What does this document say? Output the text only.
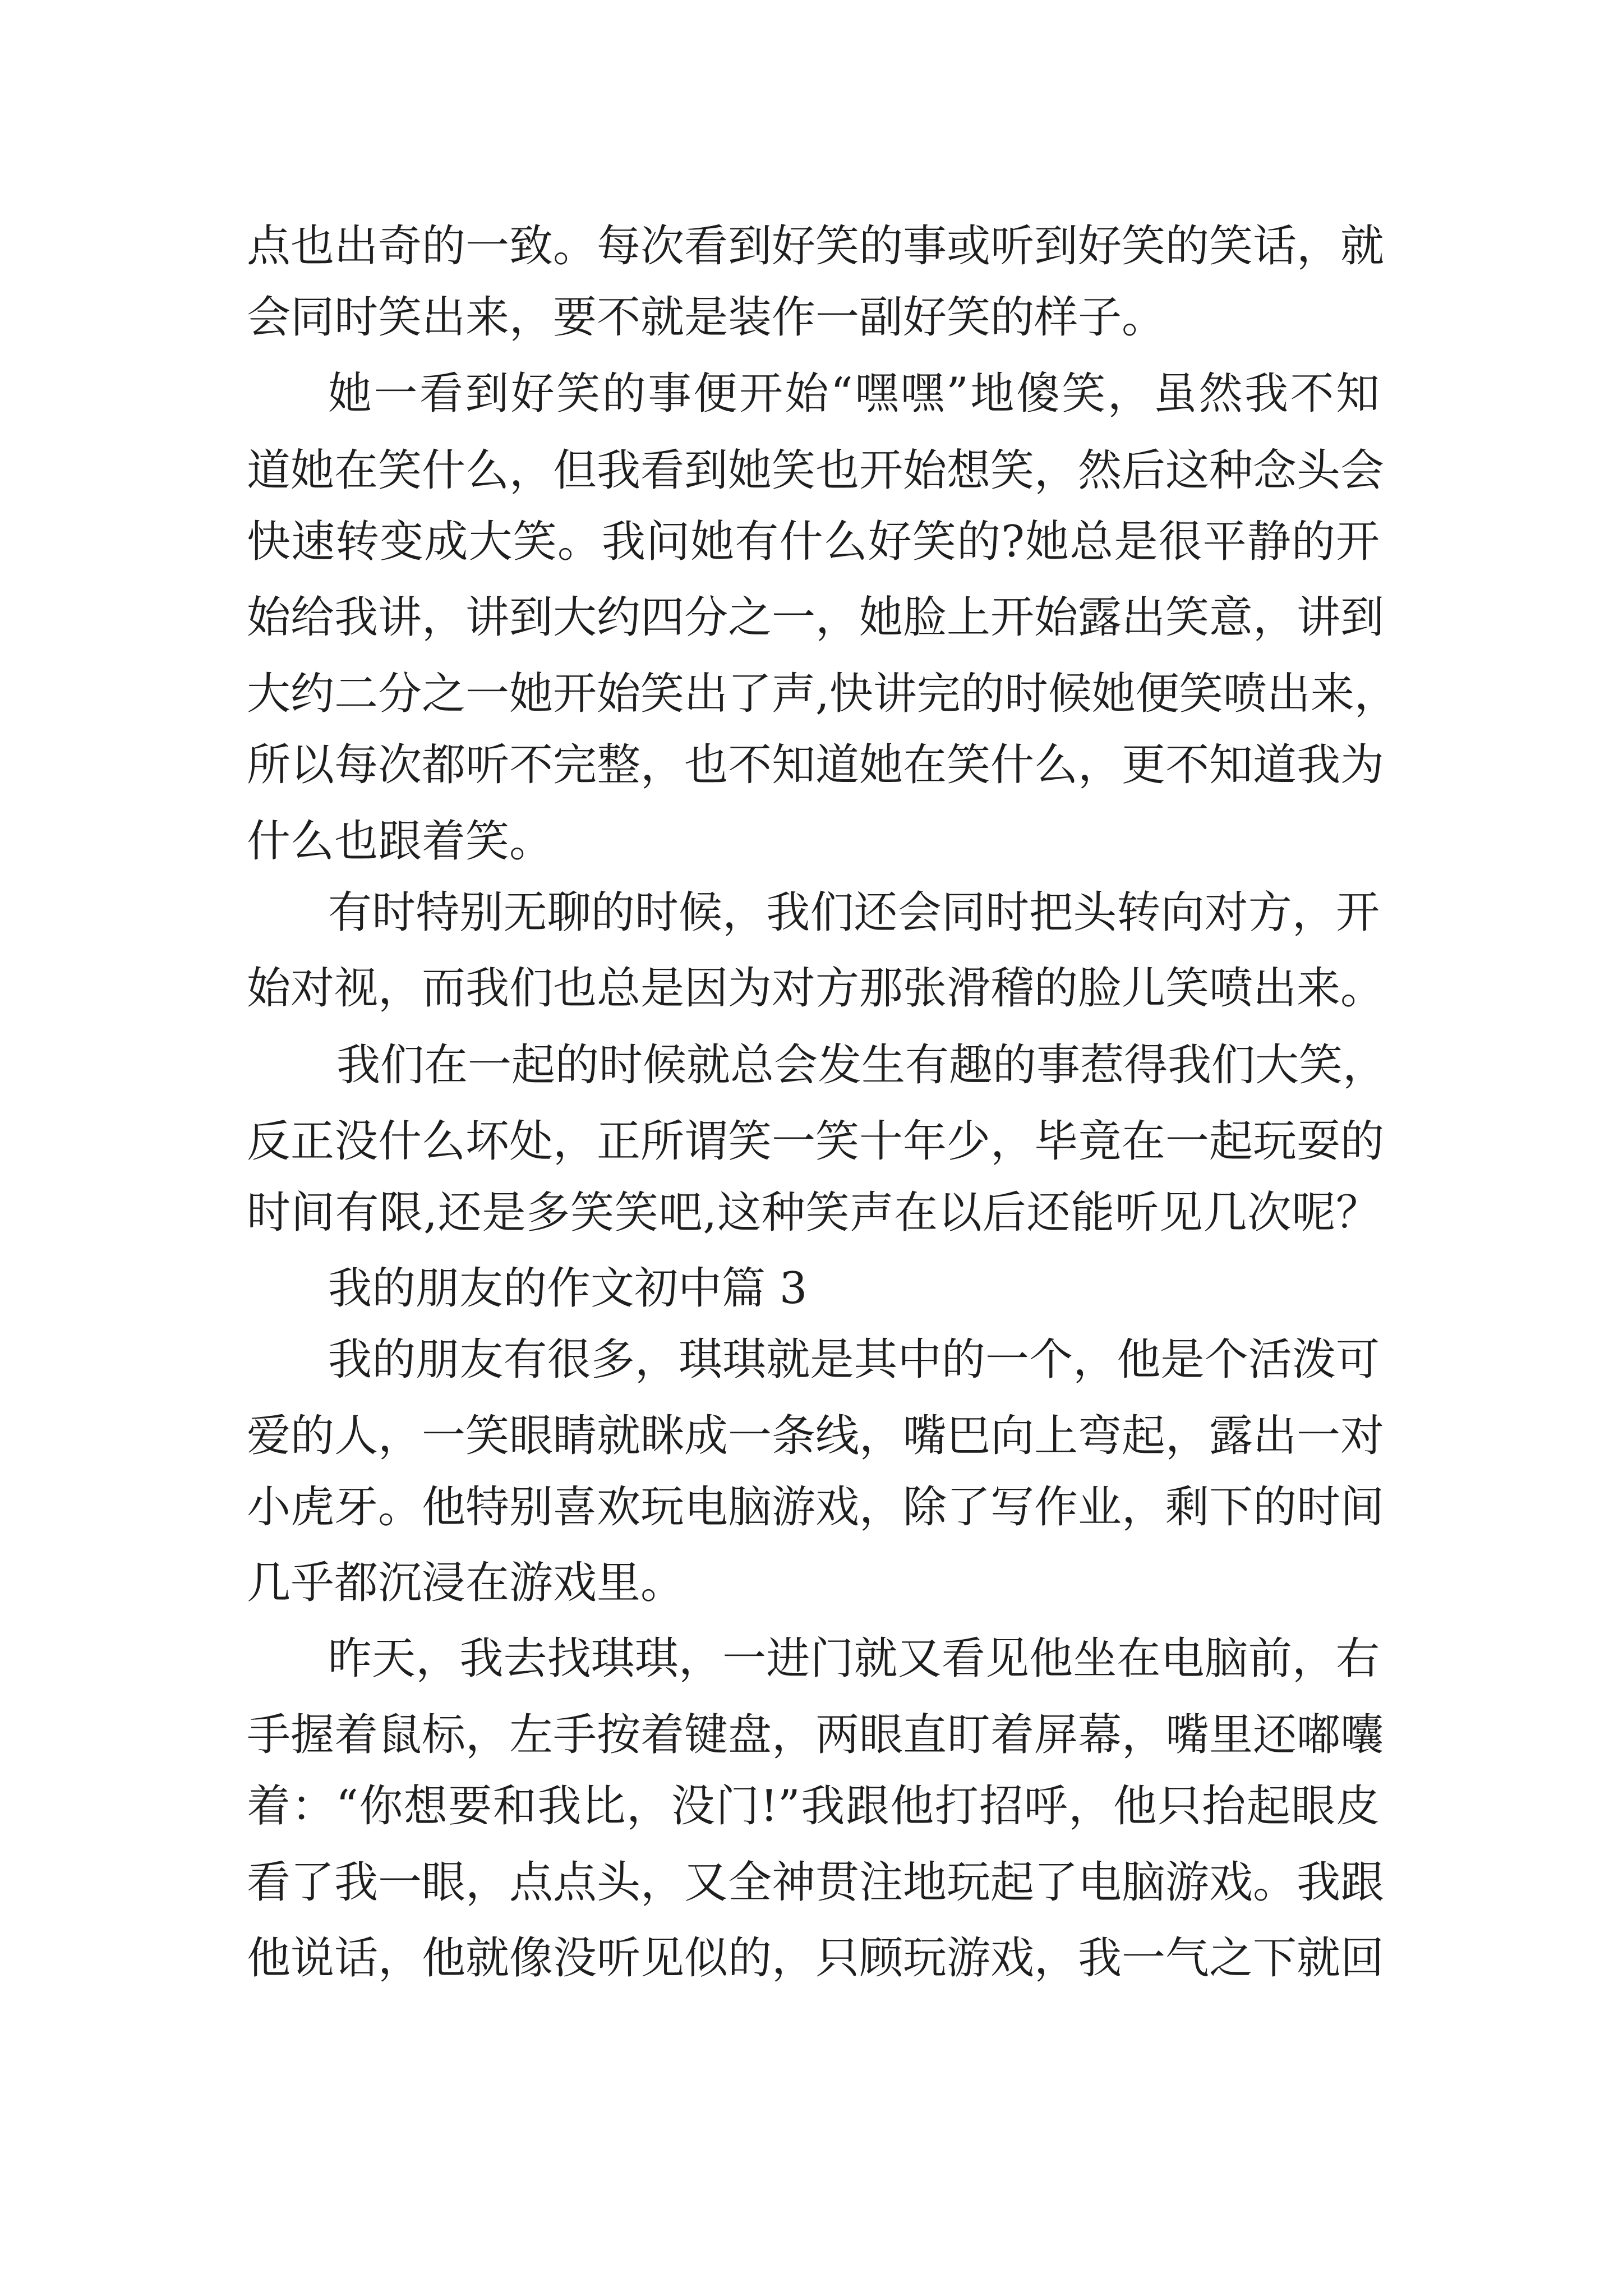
点也出奇的一致。每次看到好笑的事或听到好笑的笑话，就

会同时笑出来，要不就是装作一副好笑的样子。

她一看到好笑的事便开始“嘿嘿”地傻笑，虽然我不知

道她在笑什么，但我看到她笑也开始想笑，然后这种念头会

快速转变成大笑。我问她有什么好笑的?她总是很平静的开

始给我讲，讲到大约四分之一，她脸上开始露出笑意，讲到

大约二分之一她开始笑出了声,快讲完的时候她便笑喷出来，

所以每次都听不完整，也不知道她在笑什么，更不知道我为

什么也跟着笑。

有时特别无聊的时候，我们还会同时把头转向对方，开

始对视，而我们也总是因为对方那张滑稽的脸儿笑喷出来。

我们在一起的时候就总会发生有趣的事惹得我们大笑，

反正没什么坏处，正所谓笑一笑十年少，毕竟在一起玩耍的

时间有限,还是多笑笑吧,这种笑声在以后还能听见几次呢？

我的朋友的作文初中篇 3

我的朋友有很多，琪琪就是其中的一个，他是个活泼可

爱的人，一笑眼睛就眯成一条线，嘴巴向上弯起，露出一对

小虎牙。他特别喜欢玩电脑游戏，除了写作业，剩下的时间

几乎都沉浸在游戏里。

昨天，我去找琪琪，一进门就又看见他坐在电脑前，右

手握着鼠标，左手按着键盘，两眼直盯着屏幕，嘴里还嘟囔

着：“你想要和我比，没门!”我跟他打招呼，他只抬起眼皮

看了我一眼，点点头，又全神贯注地玩起了电脑游戏。我跟

他说话，他就像没听见似的，只顾玩游戏，我一气之下就回
